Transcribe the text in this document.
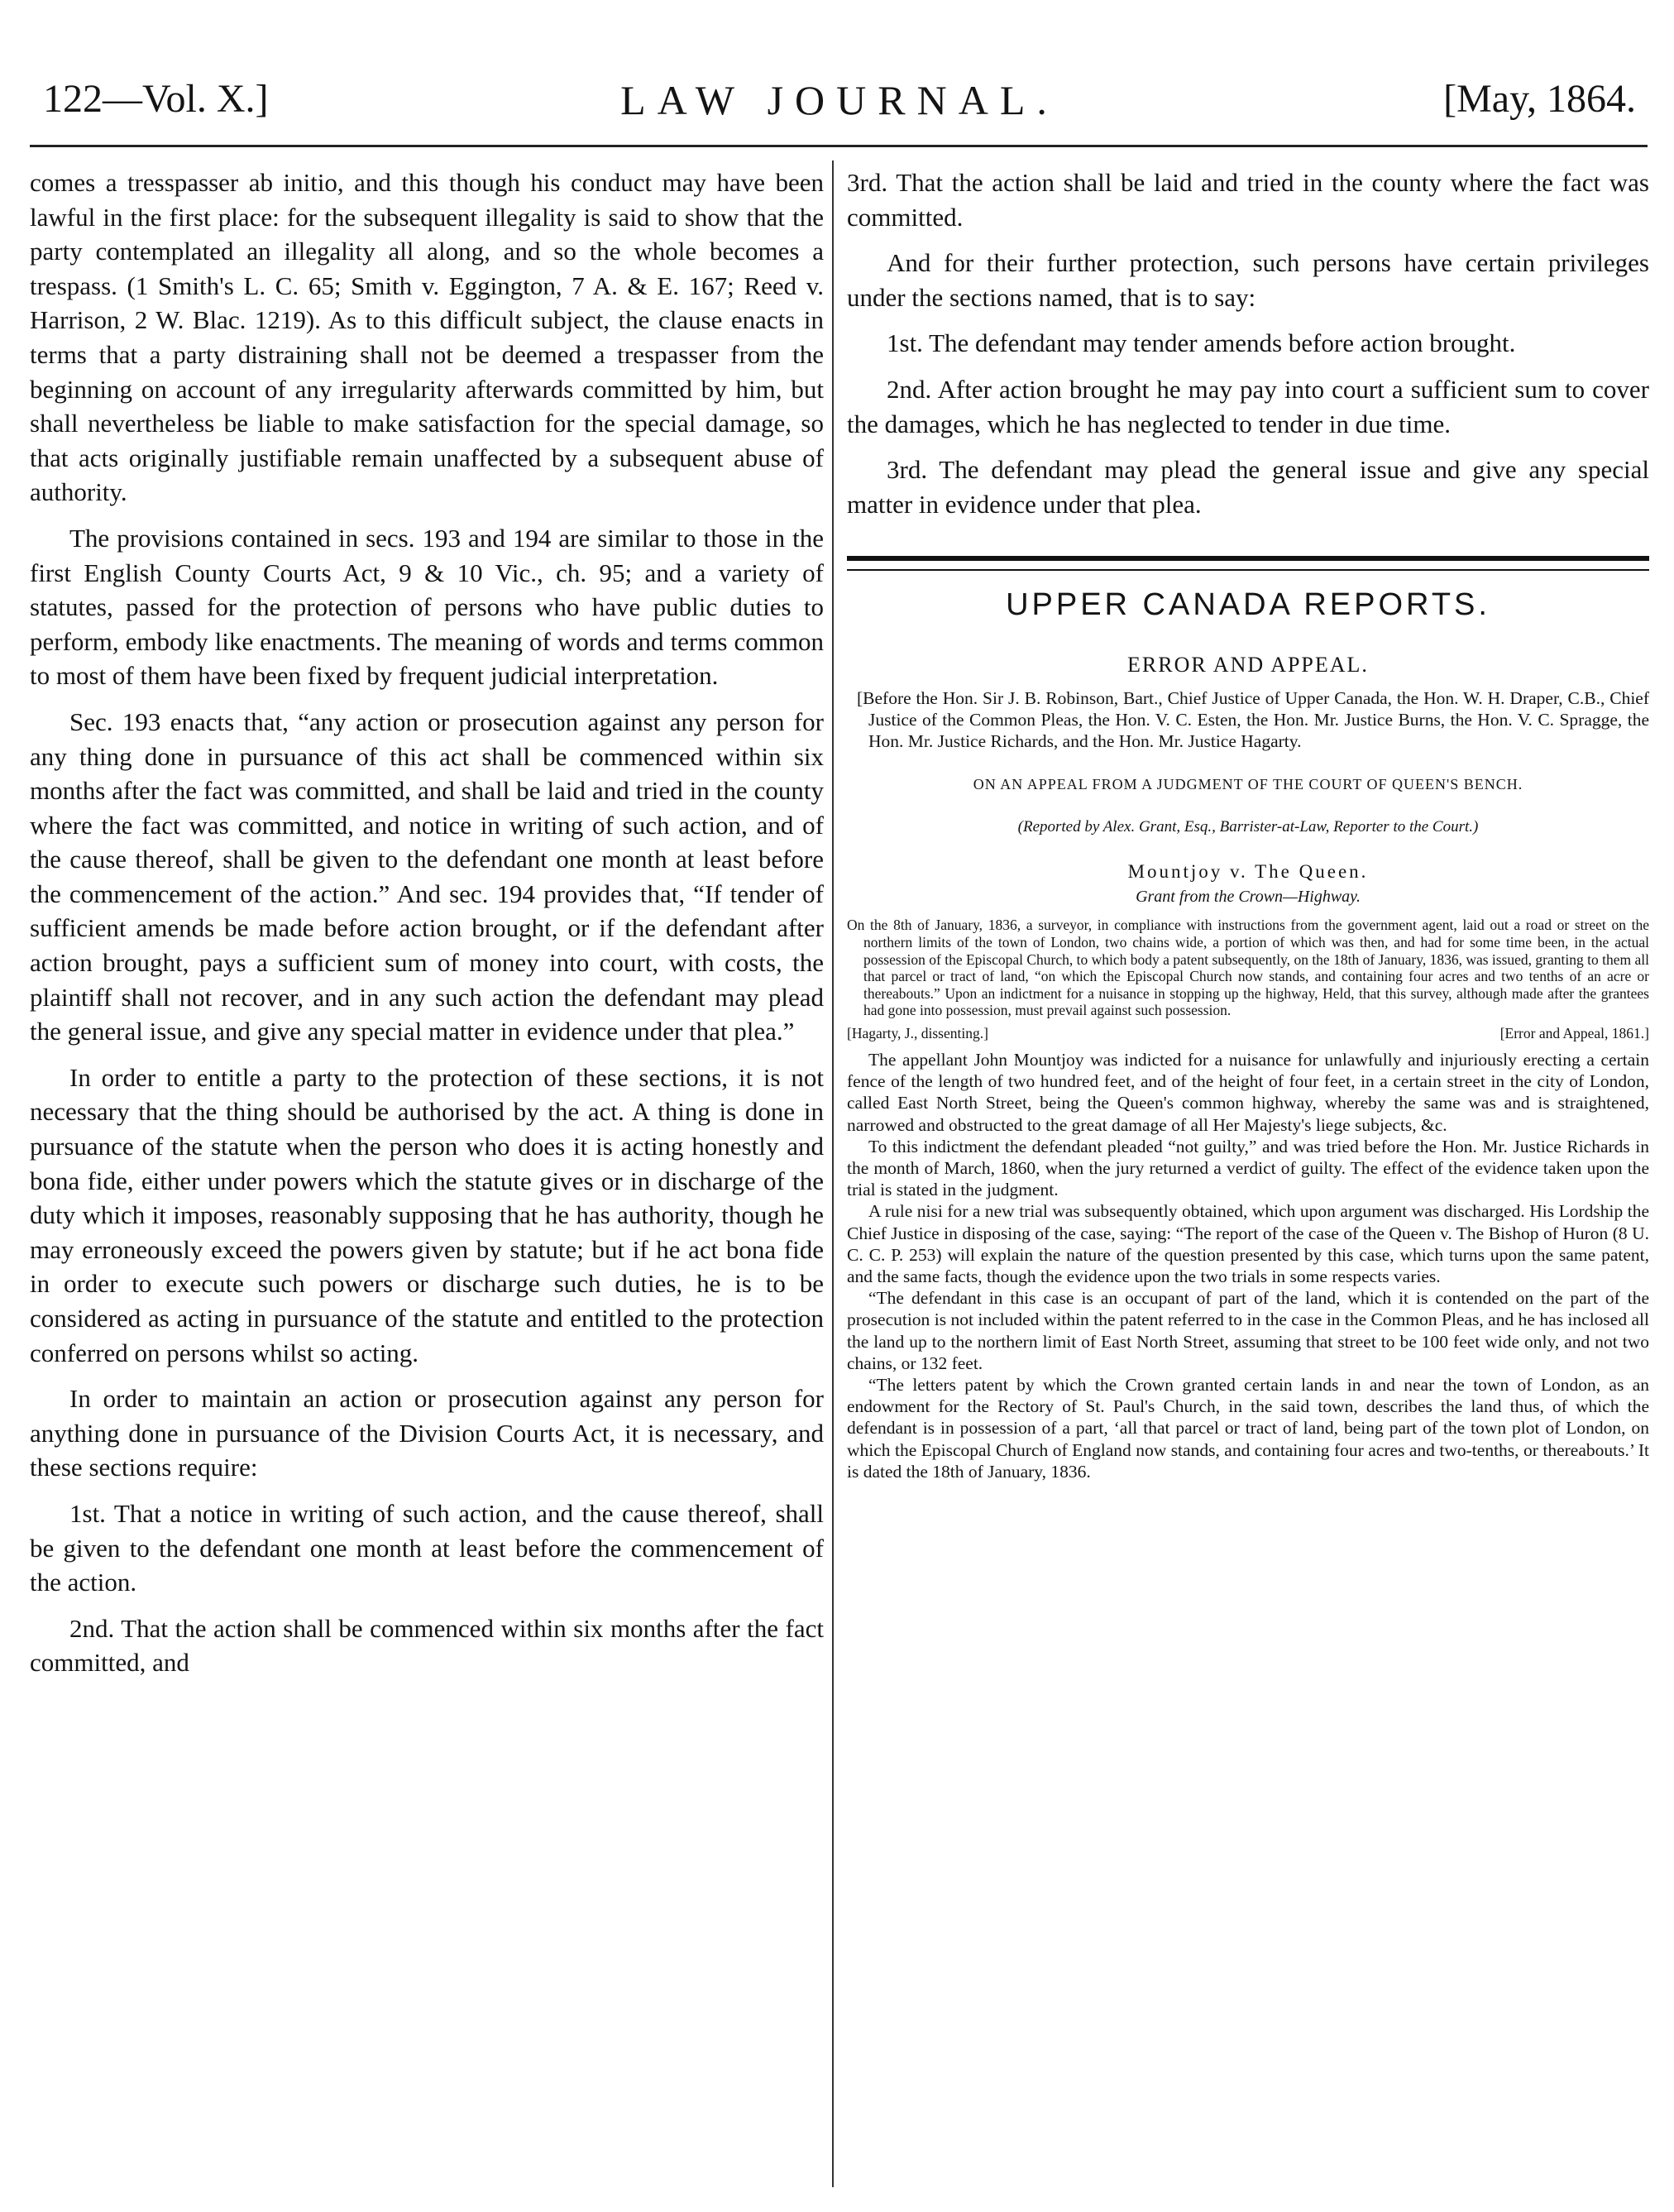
122—Vol. X.]	LAW JOURNAL.	[May, 1864.

comes a tresspasser ab initio, and this though his conduct may have been lawful in the first place: for the subsequent illegality is said to show that the party contemplated an illegality all along, and so the whole becomes a trespass. (1 Smith's L. C. 65; Smith v. Eggington, 7 A. & E. 167; Reed v. Harrison, 2 W. Blac. 1219). As to this difficult subject, the clause enacts in terms that a party distraining shall not be deemed a trespasser from the beginning on account of any irregularity afterwards committed by him, but shall nevertheless be liable to make satisfaction for the special damage, so that acts originally justifiable remain unaffected by a subsequent abuse of authority.

The provisions contained in secs. 193 and 194 are similar to those in the first English County Courts Act, 9 & 10 Vic., ch. 95; and a variety of statutes, passed for the protection of persons who have public duties to perform, embody like enactments. The meaning of words and terms common to most of them have been fixed by frequent judicial interpretation.

Sec. 193 enacts that, “any action or prosecution against any person for any thing done in pursuance of this act shall be commenced within six months after the fact was committed, and shall be laid and tried in the county where the fact was committed, and notice in writing of such action, and of the cause thereof, shall be given to the defendant one month at least before the commencement of the action.” And sec. 194 provides that, “If tender of sufficient amends be made before action brought, or if the defendant after action brought, pays a sufficient sum of money into court, with costs, the plaintiff shall not recover, and in any such action the defendant may plead the general issue, and give any special matter in evidence under that plea.”

In order to entitle a party to the protection of these sections, it is not necessary that the thing should be authorised by the act. A thing is done in pursuance of the statute when the person who does it is acting honestly and bona fide, either under powers which the statute gives or in discharge of the duty which it imposes, reasonably supposing that he has authority, though he may erroneously exceed the powers given by statute; but if he act bona fide in order to execute such powers or discharge such duties, he is to be considered as acting in pursuance of the statute and entitled to the protection conferred on persons whilst so acting.

In order to maintain an action or prosecution against any person for anything done in pursuance of the Division Courts Act, it is necessary, and these sections require:

1st. That a notice in writing of such action, and the cause thereof, shall be given to the defendant one month at least before the commencement of the action.

2nd. That the action shall be commenced within six months after the fact committed, and

3rd. That the action shall be laid and tried in the county where the fact was committed.

And for their further protection, such persons have certain privileges under the sections named, that is to say:

1st. The defendant may tender amends before action brought.

2nd. After action brought he may pay into court a sufficient sum to cover the damages, which he has neglected to tender in due time.

3rd. The defendant may plead the general issue and give any special matter in evidence under that plea.

UPPER CANADA REPORTS.
ERROR AND APPEAL.

[Before the Hon. Sir J. B. Robinson, Bart., Chief Justice of Upper Canada, the Hon. W. H. Draper, C.B., Chief Justice of the Common Pleas, the Hon. V. C. Esten, the Hon. Mr. Justice Burns, the Hon. V. C. Spragge, the Hon. Mr. Justice Richards, and the Hon. Mr. Justice Hagarty.

ON AN APPEAL FROM A JUDGMENT OF THE COURT OF QUEEN'S BENCH.
(Reported by Alex. Grant, Esq., Barrister-at-Law, Reporter to the Court.)
Mountjoy v. The Queen.
Grant from the Crown—Highway.

On the 8th of January, 1836, a surveyor, in compliance with instructions from the government agent, laid out a road or street on the northern limits of the town of London, two chains wide, a portion of which was then, and had for some time been, in the actual possession of the Episcopal Church, to which body a patent subsequently, on the 18th of January, 1836, was issued, granting to them all that parcel or tract of land, “on which the Episcopal Church now stands, and containing four acres and two tenths of an acre or thereabouts.” Upon an indictment for a nuisance in stopping up the highway, Held, that this survey, although made after the grantees had gone into possession, must prevail against such possession.

[Hagarty, J., dissenting.]	[Error and Appeal, 1861.]

The appellant John Mountjoy was indicted for a nuisance for unlawfully and injuriously erecting a certain fence of the length of two hundred feet, and of the height of four feet, in a certain street in the city of London, called East North Street, being the Queen's common highway, whereby the same was and is straightened, narrowed and obstructed to the great damage of all Her Majesty's liege subjects, &c.

To this indictment the defendant pleaded “not guilty,” and was tried before the Hon. Mr. Justice Richards in the month of March, 1860, when the jury returned a verdict of guilty. The effect of the evidence taken upon the trial is stated in the judgment.

A rule nisi for a new trial was subsequently obtained, which upon argument was discharged. His Lordship the Chief Justice in disposing of the case, saying: “The report of the case of the Queen v. The Bishop of Huron (8 U. C. C. P. 253) will explain the nature of the question presented by this case, which turns upon the same patent, and the same facts, though the evidence upon the two trials in some respects varies.

“The defendant in this case is an occupant of part of the land, which it is contended on the part of the prosecution is not included within the patent referred to in the case in the Common Pleas, and he has inclosed all the land up to the northern limit of East North Street, assuming that street to be 100 feet wide only, and not two chains, or 132 feet.

“The letters patent by which the Crown granted certain lands in and near the town of London, as an endowment for the Rectory of St. Paul's Church, in the said town, describes the land thus, of which the defendant is in possession of a part, ‘all that parcel or tract of land, being part of the town plot of London, on which the Episcopal Church of England now stands, and containing four acres and two-tenths, or thereabouts.’ It is dated the 18th of January, 1836.
